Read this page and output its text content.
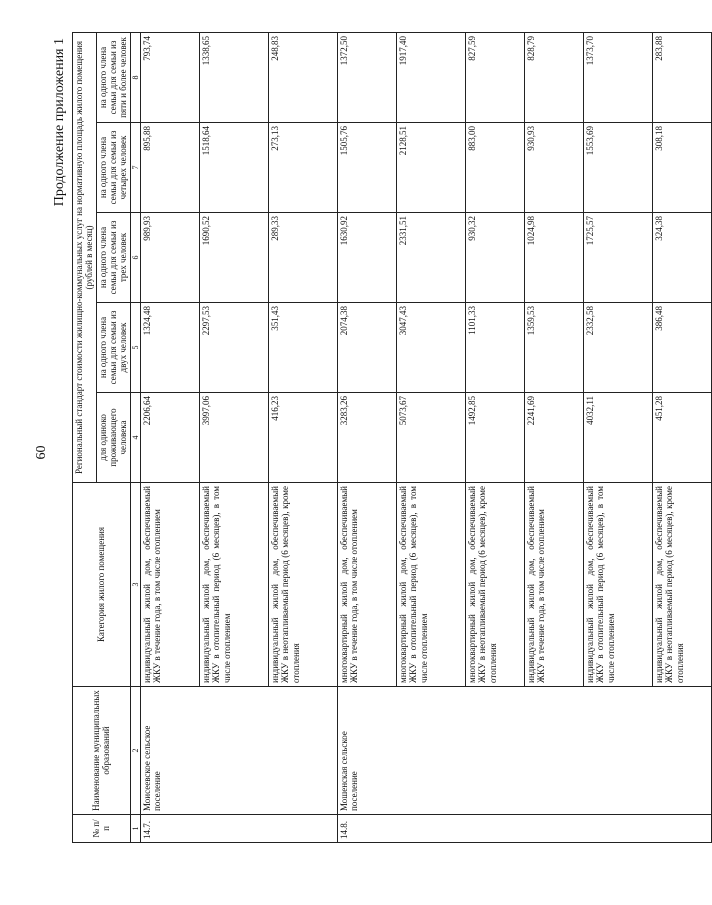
60
Продолжение приложения 1
№ п/п	Наименование муниципальных образований	Категория жилого помещения	Региональный стандарт стоимости жилищно-коммунальных услуг на нормативную площадь жилого помещения (рублей в месяц)				
			для одиноко проживающего человека	на одного члена семьи для семьи из двух человек	на одного члена семьи для семьи из трех человек	на одного члена семьи для семьи из четырех человек	на одного члена семьи для семьи из пяти и более человек
1	2	3	4	5	6	7	8
14.7.	Моисеевское сельское поселение	индивидуальный жилой дом, обеспечиваемый ЖКУ в течение года, в том числе отоплением	2206,64	1324,48	989,93	895,88	793,74
		индивидуальный жилой дом, обеспечиваемый ЖКУ в отопительный период (6 месяцев), в том числе отоплением	3997,06	2297,53	1690,52	1518,64	1338,65
		индивидуальный жилой дом, обеспечиваемый ЖКУ в неотапливаемый период (6 месяцев), кроме отопления	416,23	351,43	289,33	273,13	248,83
14.8.	Мошенская сельское поселение	многоквартирный жилой дом, обеспечиваемый ЖКУ в течение года, в том числе отоплением	3283,26	2074,38	1630,92	1505,76	1372,50
		многоквартирный жилой дом, обеспечиваемый ЖКУ в отопительный период (6 месяцев), в том числе отоплением	5073,67	3047,43	2331,51	2128,51	1917,40
		многоквартирный жилой дом, обеспечиваемый ЖКУ в неотапливаемый период (6 месяцев), кроме отопления	1492,85	1101,33	930,32	883,00	827,59
		индивидуальный жилой дом, обеспечиваемый ЖКУ в течение года, в том числе отоплением	2241,69	1359,53	1024,98	930,93	828,79
		индивидуальный жилой дом, обеспечиваемый ЖКУ в отопительный период (6 месяцев), в том числе отоплением	4032,11	2332,58	1725,57	1553,69	1373,70
		индивидуальный жилой дом, обеспечиваемый ЖКУ в неотапливаемый период (6 месяцев), кроме отопления	451,28	386,48	324,38	308,18	283,88
